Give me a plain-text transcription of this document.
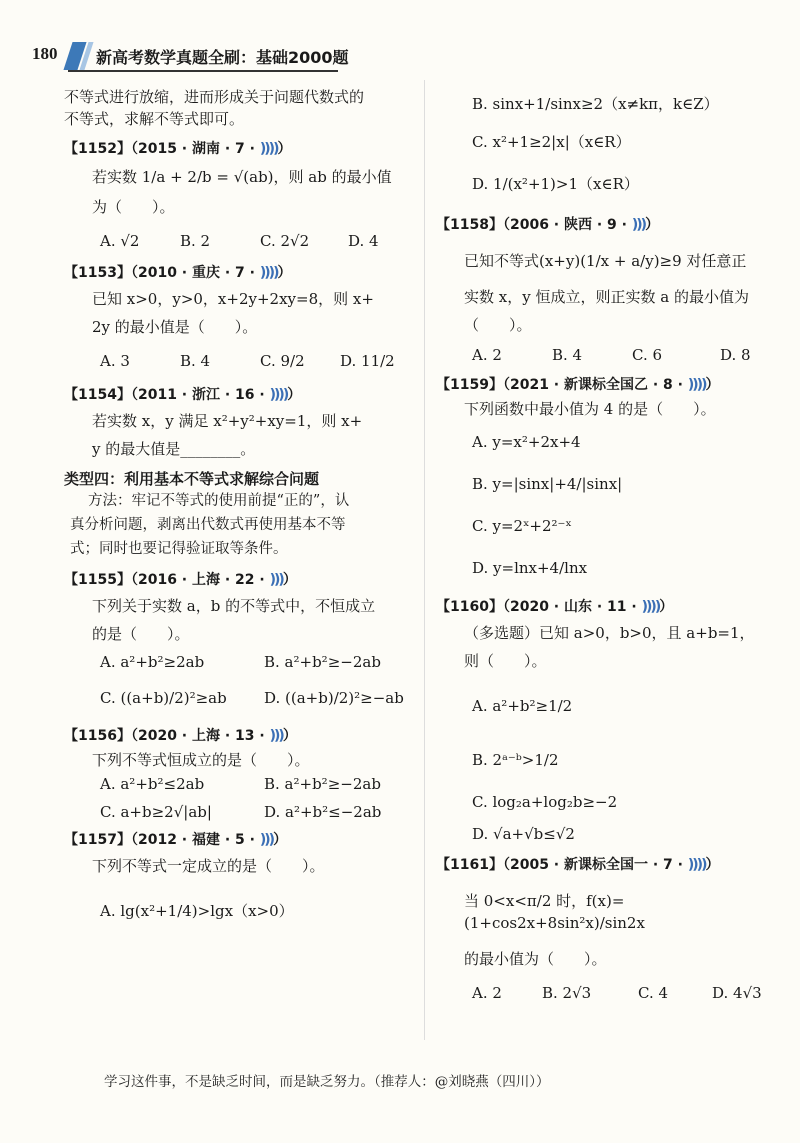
180 新高考数学真题全刷：基础2000题
不等式进行放缩，进而形成关于问题代数式的
不等式，求解不等式即可。
【1152】（2015 · 湖南 · 7 · ))))）
若实数 1/a + 2/b = √(ab)，则 ab 的最小值
为（　　）。
A. √2	B. 2	C. 2√2	D. 4
【1153】（2010 · 重庆 · 7 · ))))）
已知 x>0，y>0，x+2y+2xy=8，则 x+
2y 的最小值是（　　）。
A. 3	B. 4	C. 9/2	D. 11/2
【1154】（2011 · 浙江 · 16 · ))))）
若实数 x，y 满足 x²+y²+xy=1，则 x+
y 的最大值是________。
类型四：利用基本不等式求解综合问题
方法：牢记不等式的使用前提“正的”，认
真分析问题，剥离出代数式再使用基本不等
式；同时也要记得验证取等条件。
【1155】（2016 · 上海 · 22 · )))）
下列关于实数 a，b 的不等式中，不恒成立
的是（　　）。
A. a²+b²≥2ab	B. a²+b²≥−2ab
C. ((a+b)/2)²≥ab	D. ((a+b)/2)²≥−ab
【1156】（2020 · 上海 · 13 · )))）
下列不等式恒成立的是（　　）。
A. a²+b²≤2ab	B. a²+b²≥−2ab
C. a+b≥2√|ab|	D. a²+b²≤−2ab
【1157】（2012 · 福建 · 5 · )))）
下列不等式一定成立的是（　　）。
A. lg(x²+1/4)>lgx（x>0）
B. sinx+1/sinx≥2（x≠kπ，k∈Z）
C. x²+1≥2|x|（x∈R）
D. 1/(x²+1)>1（x∈R）
【1158】（2006 · 陕西 · 9 · )))）
已知不等式(x+y)(1/x + a/y)≥9 对任意正
实数 x，y 恒成立，则正实数 a 的最小值为
（　　）。
A. 2	B. 4	C. 6	D. 8
【1159】（2021 · 新课标全国乙 · 8 · ))))）
下列函数中最小值为 4 的是（　　）。
A. y=x²+2x+4
B. y=|sinx|+4/|sinx|
C. y=2ˣ+2²⁻ˣ
D. y=lnx+4/lnx
【1160】（2020 · 山东 · 11 · ))))）
（多选题）已知 a>0，b>0，且 a+b=1，
则（　　）。
A. a²+b²≥1/2
B. 2ᵃ⁻ᵇ>1/2
C. log₂a+log₂b≥−2
D. √a+√b≤√2
【1161】（2005 · 新课标全国一 · 7 · ))))）
当 0<x<π/2 时，f(x)=(1+cos2x+8sin²x)/sin2x
的最小值为（　　）。
A. 2	B. 2√3	C. 4	D. 4√3
学习这件事，不是缺乏时间，而是缺乏努力。（推荐人：@刘晓燕（四川））
